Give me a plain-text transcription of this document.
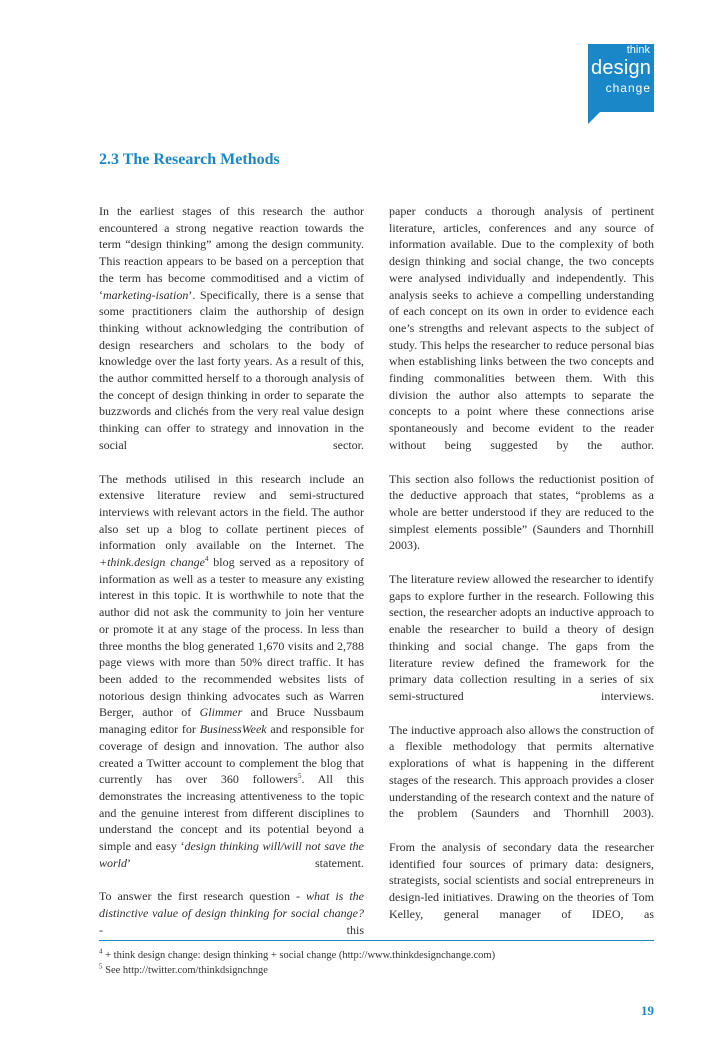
think
design
change
2.3 The Research Methods

In the earliest stages of this research the author encountered a strong negative reaction towards the term “design thinking” among the design community. This reaction appears to be based on a perception that the term has become commoditised and a victim of ‘marketing-isation’. Specifically, there is a sense that some practitioners claim the authorship of design thinking without acknowledging the contribution of design researchers and scholars to the body of knowledge over the last forty years. As a result of this, the author committed herself to a thorough analysis of the concept of design thinking in order to separate the buzzwords and clichés from the very real value design thinking can offer to strategy and innovation in the social sector.

The methods utilised in this research include an extensive literature review and semi-structured interviews with relevant actors in the field. The author also set up a blog to collate pertinent pieces of information only available on the Internet. The +think.design change$^4$ blog served as a repository of information as well as a tester to measure any existing interest in this topic. It is worthwhile to note that the author did not ask the community to join her venture or promote it at any stage of the process. In less than three months the blog generated 1,670 visits and 2,788 page views with more than 50% direct traffic. It has been added to the recommended websites lists of notorious design thinking advocates such as Warren Berger, author of Glimmer and Bruce Nussbaum managing editor for BusinessWeek and responsible for coverage of design and innovation. The author also created a Twitter account to complement the blog that currently has over 360 followers$^5$. All this demonstrates the increasing attentiveness to the topic and the genuine interest from different disciplines to understand the concept and its potential beyond a simple and easy ‘design thinking will/will not save the world’ statement.

To answer the first research question - what is the distinctive value of design thinking for social change? - this

paper conducts a thorough analysis of pertinent literature, articles, conferences and any source of information available. Due to the complexity of both design thinking and social change, the two concepts were analysed individually and independently. This analysis seeks to achieve a compelling understanding of each concept on its own in order to evidence each one’s strengths and relevant aspects to the subject of study. This helps the researcher to reduce personal bias when establishing links between the two concepts and finding commonalities between them. With this division the author also attempts to separate the concepts to a point where these connections arise spontaneously and become evident to the reader without being suggested by the author.

This section also follows the reductionist position of the deductive approach that states, “problems as a whole are better understood if they are reduced to the simplest elements possible” (Saunders and Thornhill 2003).

The literature review allowed the researcher to identify gaps to explore further in the research. Following this section, the researcher adopts an inductive approach to enable the researcher to build a theory of design thinking and social change. The gaps from the literature review defined the framework for the primary data collection resulting in a series of six semi-structured interviews.

The inductive approach also allows the construction of a flexible methodology that permits alternative explorations of what is happening in the different stages of the research. This approach provides a closer understanding of the research context and the nature of the problem (Saunders and Thornhill 2003).

From the analysis of secondary data the researcher identified four sources of primary data: designers, strategists, social scientists and social entrepreneurs in design-led initiatives. Drawing on the theories of Tom Kelley, general manager of IDEO, as

$^4$ + think design change: design thinking + social change (http://www.thinkdesignchange.com)

$^5$ See http://twitter.com/thinkdsignchnge

19
